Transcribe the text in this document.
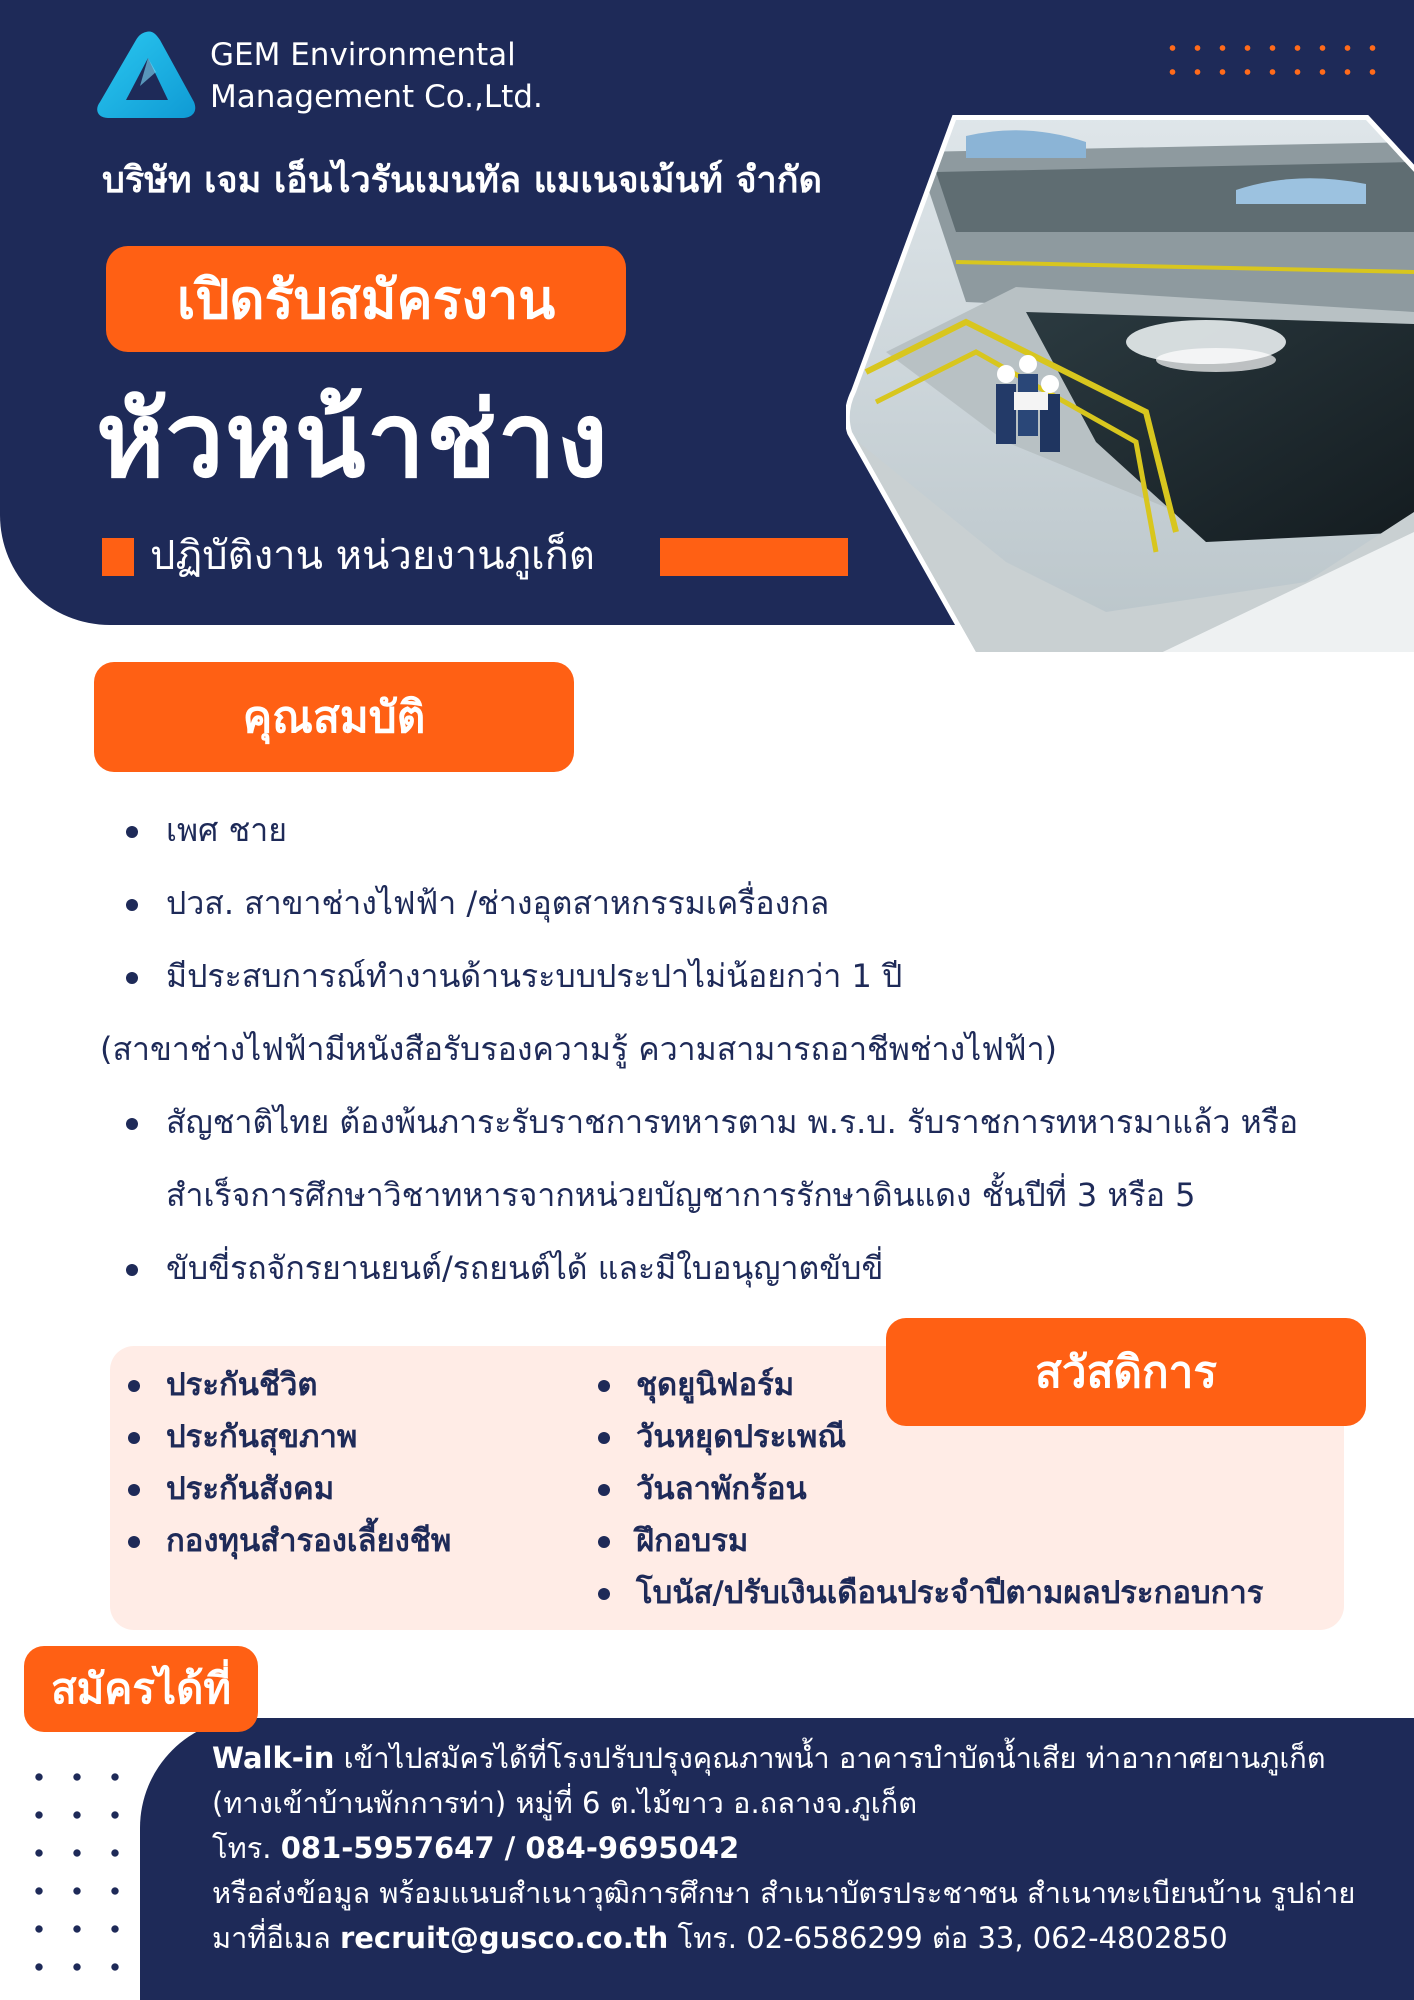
GEM Environmental
Management Co.,Ltd.
บริษัท เจม เอ็นไวรันเมนทัล แมเนจเม้นท์ จำกัด
เปิดรับสมัครงาน
หัวหน้าช่าง
ปฏิบัติงาน หน่วยงานภูเก็ต
คุณสมบัติ
เพศ ชาย
ปวส. สาขาช่างไฟฟ้า /ช่างอุตสาหกรรมเครื่องกล
มีประสบการณ์ทำงานด้านระบบประปาไม่น้อยกว่า 1 ปี
(สาขาช่างไฟฟ้ามีหนังสือรับรองความรู้ ความสามารถอาชีพช่างไฟฟ้า)
สัญชาติไทย ต้องพ้นภาระรับราชการทหารตาม พ.ร.บ. รับราชการทหารมาแล้ว หรือ
สำเร็จการศึกษาวิชาทหารจากหน่วยบัญชาการรักษาดินแดง ชั้นปีที่ 3 หรือ 5
ขับขี่รถจักรยานยนต์/รถยนต์ได้ และมีใบอนุญาตขับขี่
ประกันชีวิต
ประกันสุขภาพ
ประกันสังคม
กองทุนสำรองเลี้ยงชีพ
ชุดยูนิฟอร์ม
วันหยุดประเพณี
วันลาพักร้อน
ฝึกอบรม
โบนัส/ปรับเงินเดือนประจำปีตามผลประกอบการ
สวัสดิการ
สมัครได้ที่
Walk-in เข้าไปสมัครได้ที่โรงปรับปรุงคุณภาพน้ำ อาคารบำบัดน้ำเสีย ท่าอากาศยานภูเก็ต
(ทางเข้าบ้านพักการท่า) หมู่ที่ 6 ต.ไม้ขาว อ.ถลางจ.ภูเก็ต
โทร. 081-5957647 / 084-9695042
หรือส่งข้อมูล พร้อมแนบสำเนาวุฒิการศึกษา สำเนาบัตรประชาชน สำเนาทะเบียนบ้าน รูปถ่าย
มาที่อีเมล recruit@gusco.co.th โทร. 02-6586299 ต่อ 33, 062-4802850
